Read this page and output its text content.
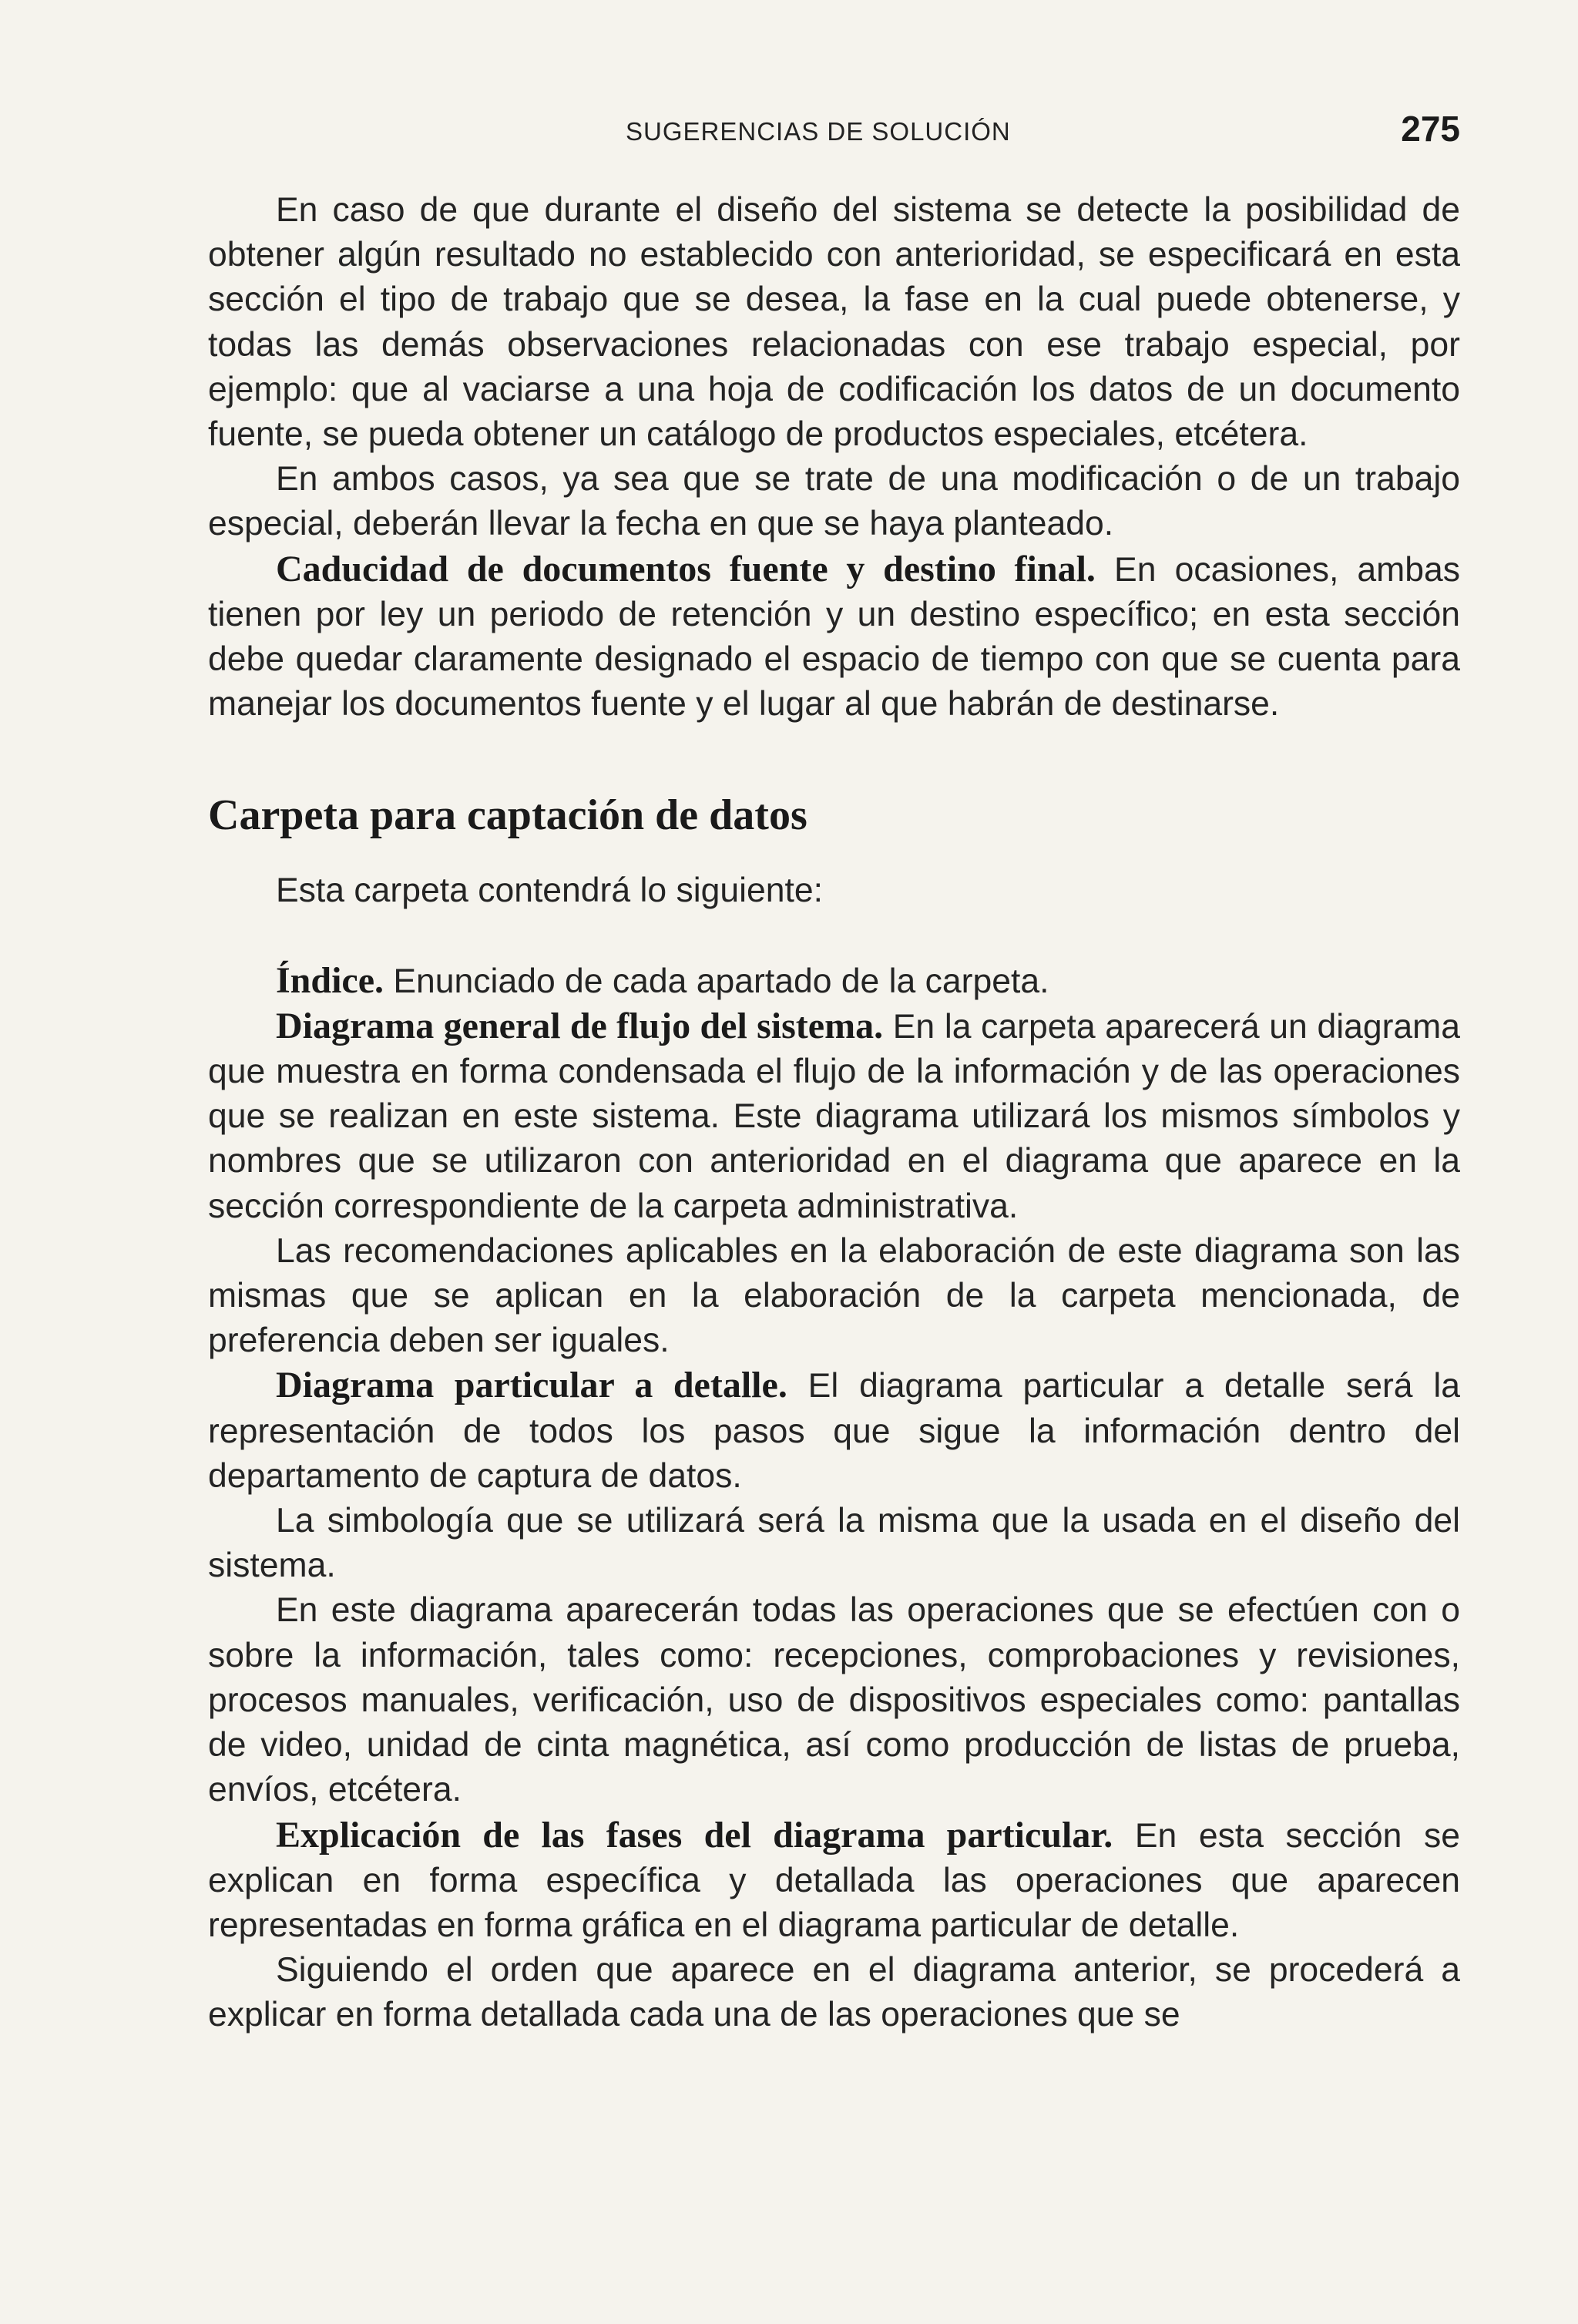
SUGERENCIAS DE SOLUCIÓN	275

En caso de que durante el diseño del sistema se detecte la posibilidad de obtener algún resultado no establecido con anterioridad, se especificará en esta sección el tipo de trabajo que se desea, la fase en la cual puede obtenerse, y todas las demás observaciones relacionadas con ese trabajo especial, por ejemplo: que al vaciarse a una hoja de codificación los datos de un documento fuente, se pueda obtener un catálogo de productos especiales, etcétera.

En ambos casos, ya sea que se trate de una modificación o de un trabajo especial, deberán llevar la fecha en que se haya planteado.

Caducidad de documentos fuente y destino final. En ocasiones, ambas tienen por ley un periodo de retención y un destino específico; en esta sección debe quedar claramente designado el espacio de tiempo con que se cuenta para manejar los documentos fuente y el lugar al que habrán de destinarse.

Carpeta para captación de datos

Esta carpeta contendrá lo siguiente:

Índice. Enunciado de cada apartado de la carpeta.

Diagrama general de flujo del sistema. En la carpeta aparecerá un diagrama que muestra en forma condensada el flujo de la información y de las operaciones que se realizan en este sistema. Este diagrama utilizará los mismos símbolos y nombres que se utilizaron con anterioridad en el diagrama que aparece en la sección correspondiente de la carpeta administrativa.

Las recomendaciones aplicables en la elaboración de este diagrama son las mismas que se aplican en la elaboración de la carpeta mencionada, de preferencia deben ser iguales.

Diagrama particular a detalle. El diagrama particular a detalle será la representación de todos los pasos que sigue la información dentro del departamento de captura de datos.

La simbología que se utilizará será la misma que la usada en el diseño del sistema.

En este diagrama aparecerán todas las operaciones que se efectúen con o sobre la información, tales como: recepciones, comprobaciones y revisiones, procesos manuales, verificación, uso de dispositivos especiales como: pantallas de video, unidad de cinta magnética, así como producción de listas de prueba, envíos, etcétera.

Explicación de las fases del diagrama particular. En esta sección se explican en forma específica y detallada las operaciones que aparecen representadas en forma gráfica en el diagrama particular de detalle.

Siguiendo el orden que aparece en el diagrama anterior, se procederá a explicar en forma detallada cada una de las operaciones que se
